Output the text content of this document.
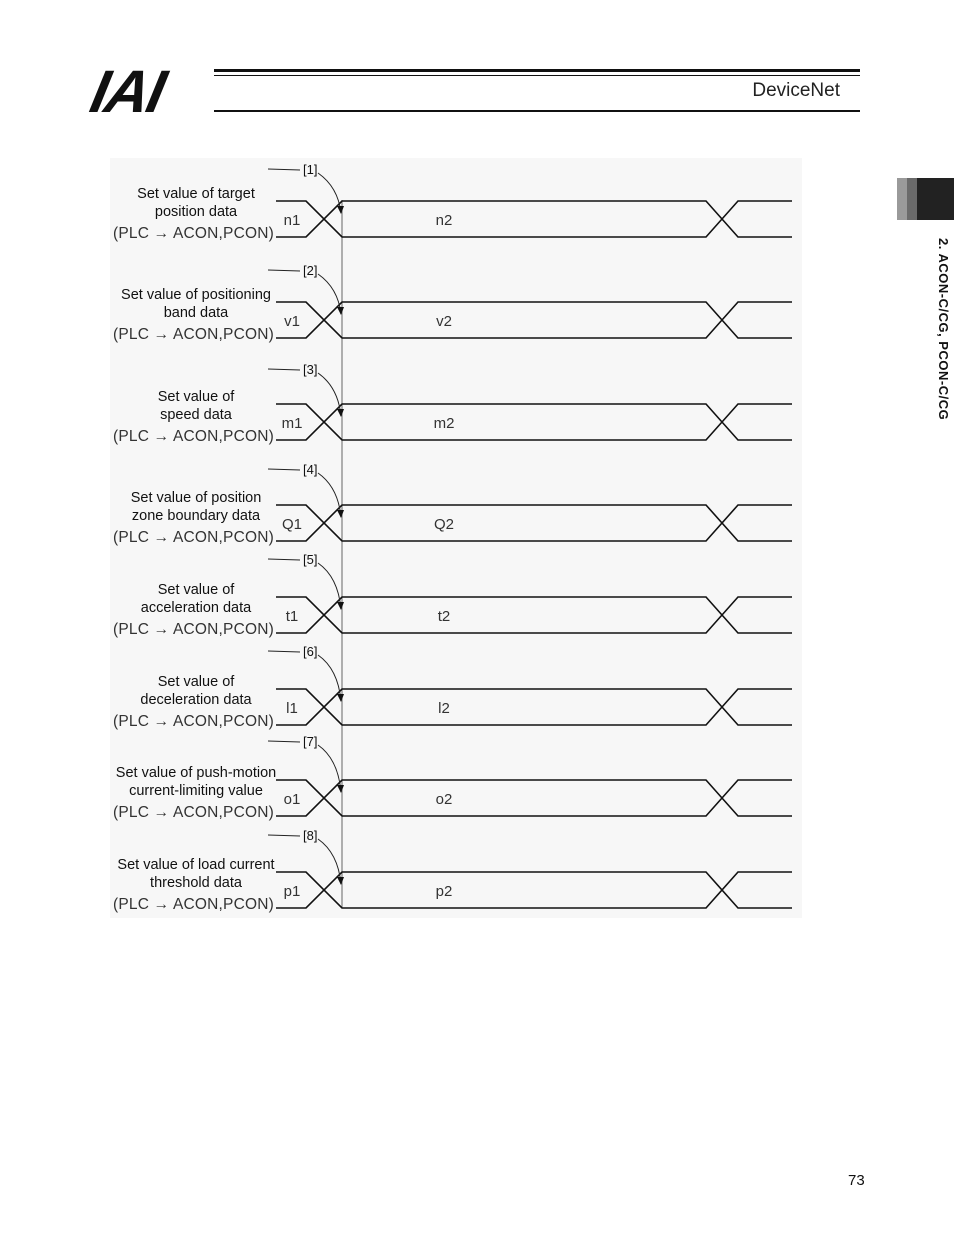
IAI	DeviceNet
2. ACON-C/CG, PCON-C/CG
[1]
n1	n2
[2]
v1	v2
[3]
m1	m2
[4]
Q1	Q2
[5]
t1	t2
[6]
l1	l2
[7]
o1	o2
[8]
p1	p2
Set value of target
position data
(PLC → ACON,PCON)
Set value of positioning
band data
(PLC → ACON,PCON)
Set value of
speed data
(PLC → ACON,PCON)
Set value of position
zone boundary data
(PLC → ACON,PCON)
Set value of
acceleration data
(PLC → ACON,PCON)
Set value of
deceleration data
(PLC → ACON,PCON)
Set value of push-motion
current-limiting value
(PLC → ACON,PCON)
Set value of load current
threshold data
(PLC → ACON,PCON)
73
